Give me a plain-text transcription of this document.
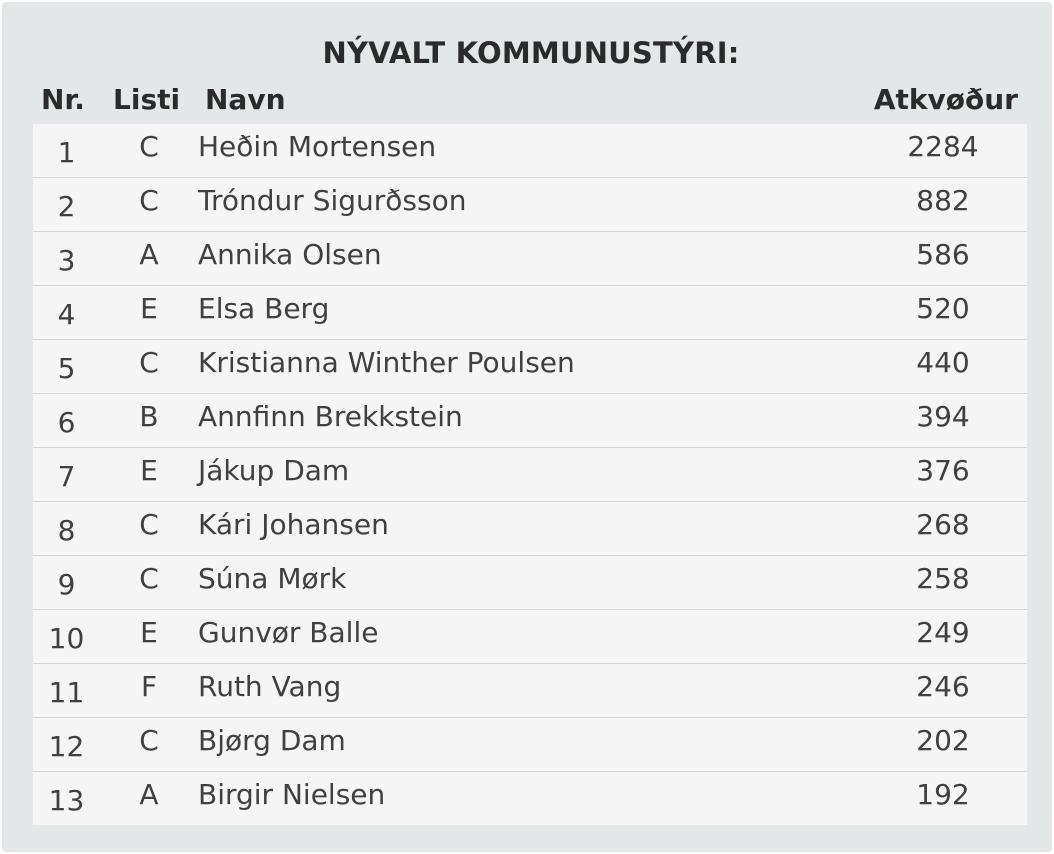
NÝVALT KOMMUNUSTÝRI:
Nr. Listi Navn	Atkvøður
1	C	Heðin Mortensen	2284
2	C	Tróndur Sigurðsson	882
3	A	Annika Olsen	586
4	E	Elsa Berg	520
5	C	Kristianna Winther Poulsen	440
6	B	Annfinn Brekkstein	394
7	E	Jákup Dam	376
8	C	Kári Johansen	268
9	C	Súna Mørk	258
10	E	Gunvør Balle	249
11	F	Ruth Vang	246
12	C	Bjørg Dam	202
13	A	Birgir Nielsen	192
